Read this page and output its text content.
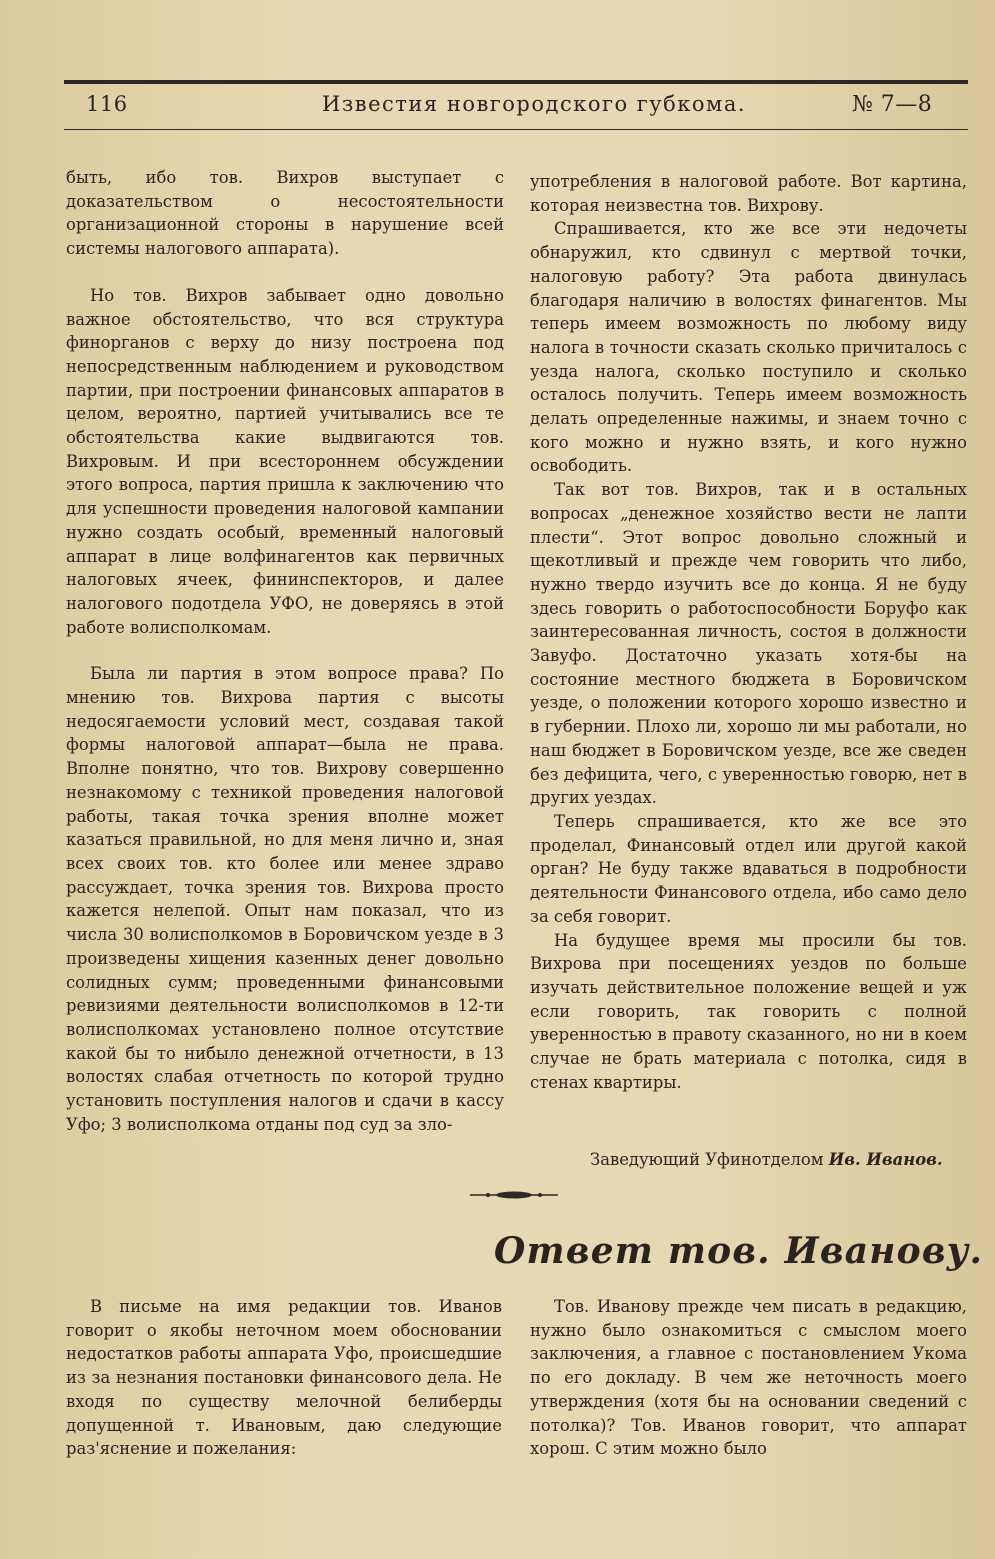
116	Известия новгородского губкома.	№ 7—8

быть, ибо тов. Вихров выступает с доказательством о несостоятельности организационной стороны в нарушение всей системы налогового аппарата).

Но тов. Вихров забывает одно довольно важное обстоятельство, что вся структура финорганов с верху до низу построена под непосредственным наблюдением и руководством партии, при построении финансовых аппаратов в целом, вероятно, партией учитывались все те обстоятельства какие выдвигаются тов. Вихровым. И при всестороннем обсуждении этого вопроса, партия пришла к заключению что для успешности проведения налоговой кампании нужно создать особый, временный налоговый аппарат в лице волфинагентов как первичных налоговых ячеек, фининспекторов, и далее налогового подотдела УФО, не доверяясь в этой работе волисполкомам.

Была ли партия в этом вопросе права? По мнению тов. Вихрова партия с высоты недосягаемости условий мест, создавая такой формы налоговой аппарат—была не права. Вполне понятно, что тов. Вихрову совершенно незнакомому с техникой проведения налоговой работы, такая точка зрения вполне может казаться правильной, но для меня лично и, зная всех своих тов. кто более или менее здраво рассуждает, точка зрения тов. Вихрова просто кажется нелепой. Опыт нам показал, что из числа 30 волисполкомов в Боровичском уезде в 3 произведены хищения казенных денег довольно солидных сумм; проведенными финансовыми ревизиями деятельности волисполкомов в 12-ти волисполкомах установлено полное отсутствие какой бы то нибыло денежной отчетности, в 13 волостях слабая отчетность по которой трудно установить поступления налогов и сдачи в кассу Уфо; 3 волисполкома отданы под суд за зло-

употребления в налоговой работе. Вот картина, которая неизвестна тов. Вихрову.

Спрашивается, кто же все эти недочеты обнаружил, кто сдвинул с мертвой точки, налоговую работу? Эта работа двинулась благодаря наличию в волостях финагентов. Мы теперь имеем возможность по любому виду налога в точности сказать сколько причиталось с уезда налога, сколько поступило и сколько осталось получить. Теперь имеем возможность делать определенные нажимы, и знаем точно с кого можно и нужно взять, и кого нужно освободить.

Так вот тов. Вихров, так и в остальных вопросах „денежное хозяйство вести не лапти плести“. Этот вопрос довольно сложный и щекотливый и прежде чем говорить что либо, нужно твердо изучить все до конца. Я не буду здесь говорить о работоспособности Боруфо как заинтересованная личность, состоя в должности Завуфо. Достаточно указать хотя-бы на состояние местного бюджета в Боровичском уезде, о положении которого хорошо известно и в губернии. Плохо ли, хорошо ли мы работали, но наш бюджет в Боровичском уезде, все же сведен без дефицита, чего, с уверенностью говорю, нет в других уездах.

Теперь спрашивается, кто же все это проделал, Финансовый отдел или другой какой орган? Не буду также вдаваться в подробности деятельности Финансового отдела, ибо само дело за себя говорит.

На будущее время мы просили бы тов. Вихрова при посещениях уездов по больше изучать действительное положение вещей и уж если говорить, так говорить с полной уверенностью в правоту сказанного, но ни в коем случае не брать материала с потолка, сидя в стенах квартиры.

Заведующий Уфинотделом Ив. Иванов.
Ответ тов. Иванову.

В письме на имя редакции тов. Иванов говорит о якобы неточном моем обосновании недостатков работы аппарата Уфо, происшедшие из за незнания постановки финансового дела. Не входя по существу мелочной белиберды допущенной т. Ивановым, даю следующие раз'яснение и пожелания:

Тов. Иванову прежде чем писать в редакцию, нужно было ознакомиться с смыслом моего заключения, а главное с постановлением Укома по его докладу. В чем же неточность моего утверждения (хотя бы на основании сведений с потолка)? Тов. Иванов говорит, что аппарат хорош. С этим можно было
